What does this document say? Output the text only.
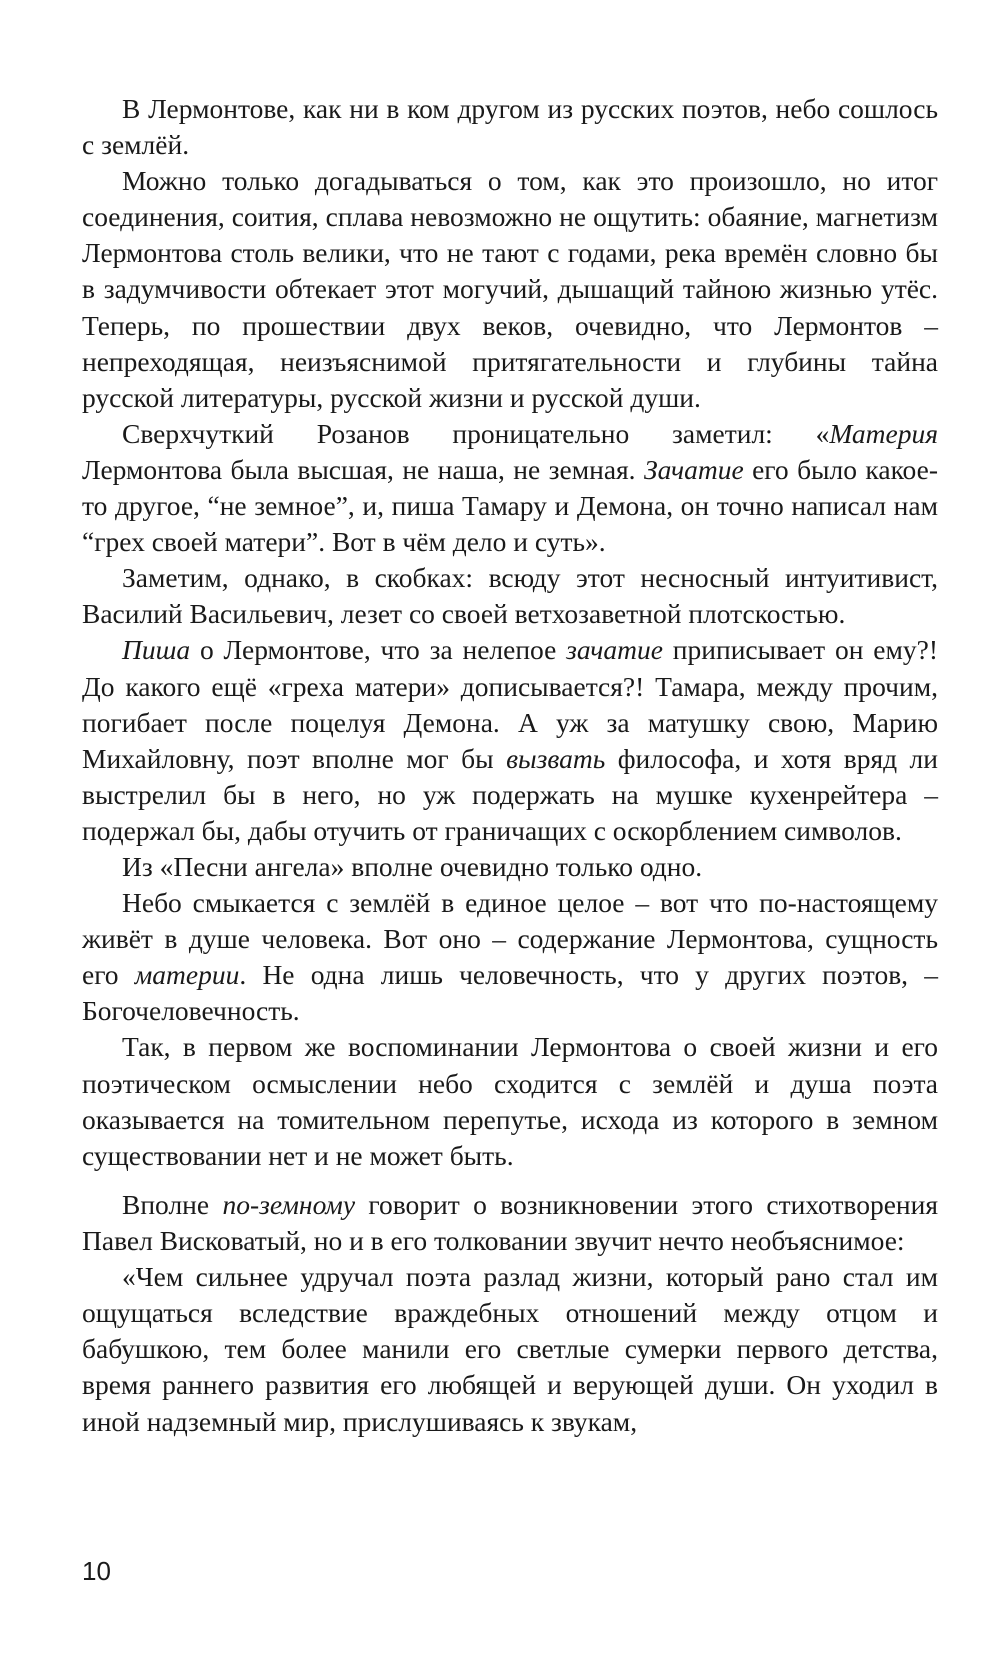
В Лермонтове, как ни в ком другом из русских поэтов, небо сошлось с землёй.

Можно только догадываться о том, как это произошло, но итог соединения, соития, сплава невозможно не ощутить: обаяние, магнетизм Лермонтова столь велики, что не тают с годами, река времён словно бы в задумчивости обтекает этот могучий, дышащий тайною жизнью утёс. Теперь, по прошествии двух веков, очевидно, что Лермонтов – непреходящая, неизъяснимой притягательности и глубины тайна русской литературы, русской жизни и русской души.

Сверхчуткий Розанов проницательно заметил: «Материя Лермонтова была высшая, не наша, не земная. Зачатие его было какое-то другое, “не земное”, и, пиша Тамару и Демона, он точно написал нам “грех своей матери”. Вот в чём дело и суть».

Заметим, однако, в скобках: всюду этот несносный интуитивист, Василий Васильевич, лезет со своей ветхозаветной плотскостью.

Пиша о Лермонтове, что за нелепое зачатие приписывает он ему?! До какого ещё «греха матери» дописывается?! Тамара, между прочим, погибает после поцелуя Демона. А уж за матушку свою, Марию Михайловну, поэт вполне мог бы вызвать философа, и хотя вряд ли выстрелил бы в него, но уж подержать на мушке кухенрейтера – подержал бы, дабы отучить от граничащих с оскорблением символов.

Из «Песни ангела» вполне очевидно только одно.

Небо смыкается с землёй в единое целое – вот что по-настоящему живёт в душе человека. Вот оно – содержание Лермонтова, сущность его материи. Не одна лишь человечность, что у других поэтов, – Богочеловечность.

Так, в первом же воспоминании Лермонтова о своей жизни и его поэтическом осмыслении небо сходится с землёй и душа поэта оказывается на томительном перепутье, исхода из которого в земном существовании нет и не может быть.

Вполне по-земному говорит о возникновении этого стихотворения Павел Висковатый, но и в его толковании звучит нечто необъяснимое:

«Чем сильнее удручал поэта разлад жизни, который рано стал им ощущаться вследствие враждебных отношений между отцом и бабушкою, тем более манили его светлые сумерки первого детства, время раннего развития его любящей и верующей души. Он уходил в иной надземный мир, прислушиваясь к звукам,

10
